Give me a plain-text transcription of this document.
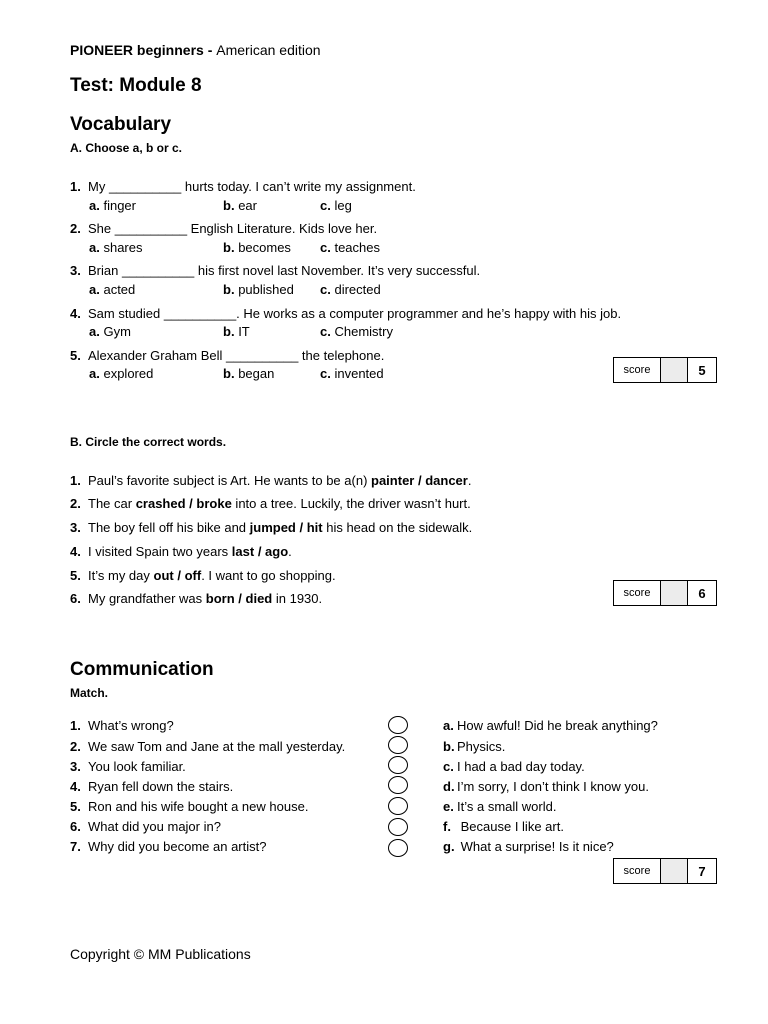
PIONEER beginners - American edition
Test: Module 8
Vocabulary
A. Choose a, b or c.
1. My __________ hurts today. I can’t write my assignment.
a. finger	b. ear	c. leg
2. She __________ English Literature. Kids love her.
a. shares	b. becomes c. teaches
3. Brian __________ his first novel last November. It’s very successful.
a. acted	b. published c. directed
4. Sam studied __________. He works as a computer programmer and he’s happy with his job.
a. Gym	b. IT	c. Chemistry
5. Alexander Graham Bell __________ the telephone.
a. explored	b. began	c. invented	score	5
B. Circle the correct words.
1. Paul’s favorite subject is Art. He wants to be a(n) painter / dancer.
2. The car crashed / broke into a tree. Luckily, the driver wasn’t hurt.
3. The boy fell off his bike and jumped / hit his head on the sidewalk.
4. I visited Spain two years last / ago.
5. It’s my day out / off. I want to go shopping.
6. My grandfather was born / died in 1930.	score	6
Communication
Match.
1. What’s wrong?
2. We saw Tom and Jane at the mall yesterday.
3. You look familiar.
4. Ryan fell down the stairs.
5. Ron and his wife bought a new house.
6. What did you major in?
7. Why did you become an artist?
a. How awful! Did he break anything?
b. Physics.
c. I had a bad day today.
d. I’m sorry, I don’t think I know you.
e. It’s a small world.
f. Because I like art.
g. What a surprise! Is it nice?
score	7
Copyright © MM Publications
